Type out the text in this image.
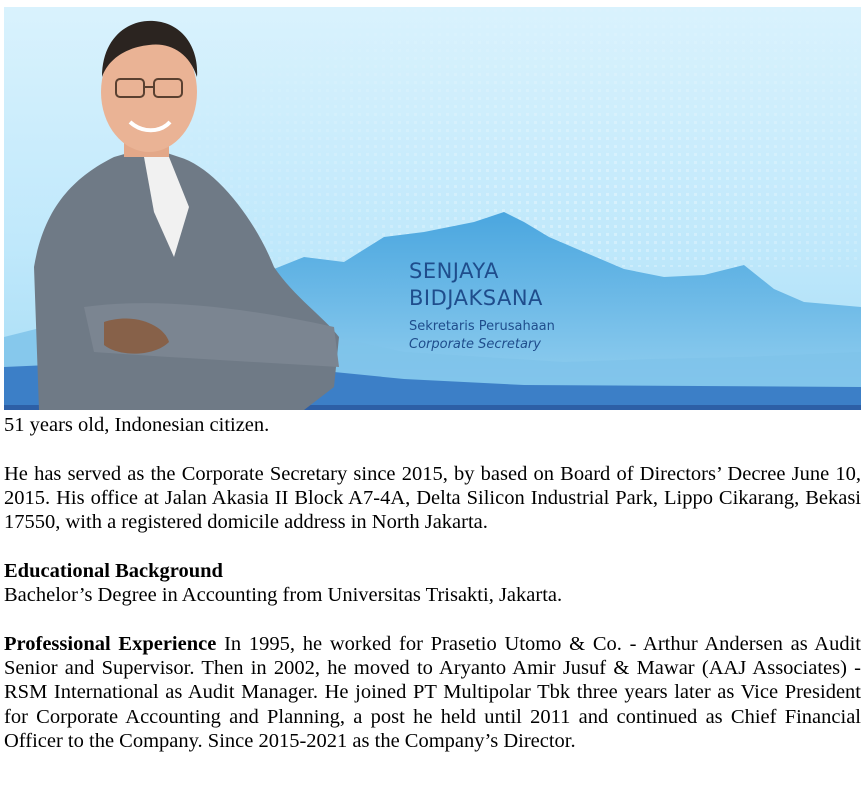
SENJAYA
BIDJAKSANA
Sekretaris Perusahaan
Corporate Secretary

51 years old, Indonesian citizen.

He has served as the Corporate Secretary since 2015, by based on Board of Directors’ Decree June 10, 2015. His office at Jalan Akasia II Block A7-4A, Delta Silicon Industrial Park, Lippo Cikarang, Bekasi 17550, with a registered domicile address in North Jakarta.

Educational Background

Bachelor’s Degree in Accounting from Universitas Trisakti, Jakarta.

Professional Experience In 1995, he worked for Prasetio Utomo & Co. - Arthur Andersen as Audit Senior and Supervisor. Then in 2002, he moved to Aryanto Amir Jusuf & Mawar (AAJ Associates) - RSM International as Audit Manager. He joined PT Multipolar Tbk three years later as Vice President for Corporate Accounting and Planning, a post he held until 2011 and continued as Chief Financial Officer to the Company. Since 2015-2021 as the Company’s Director.
